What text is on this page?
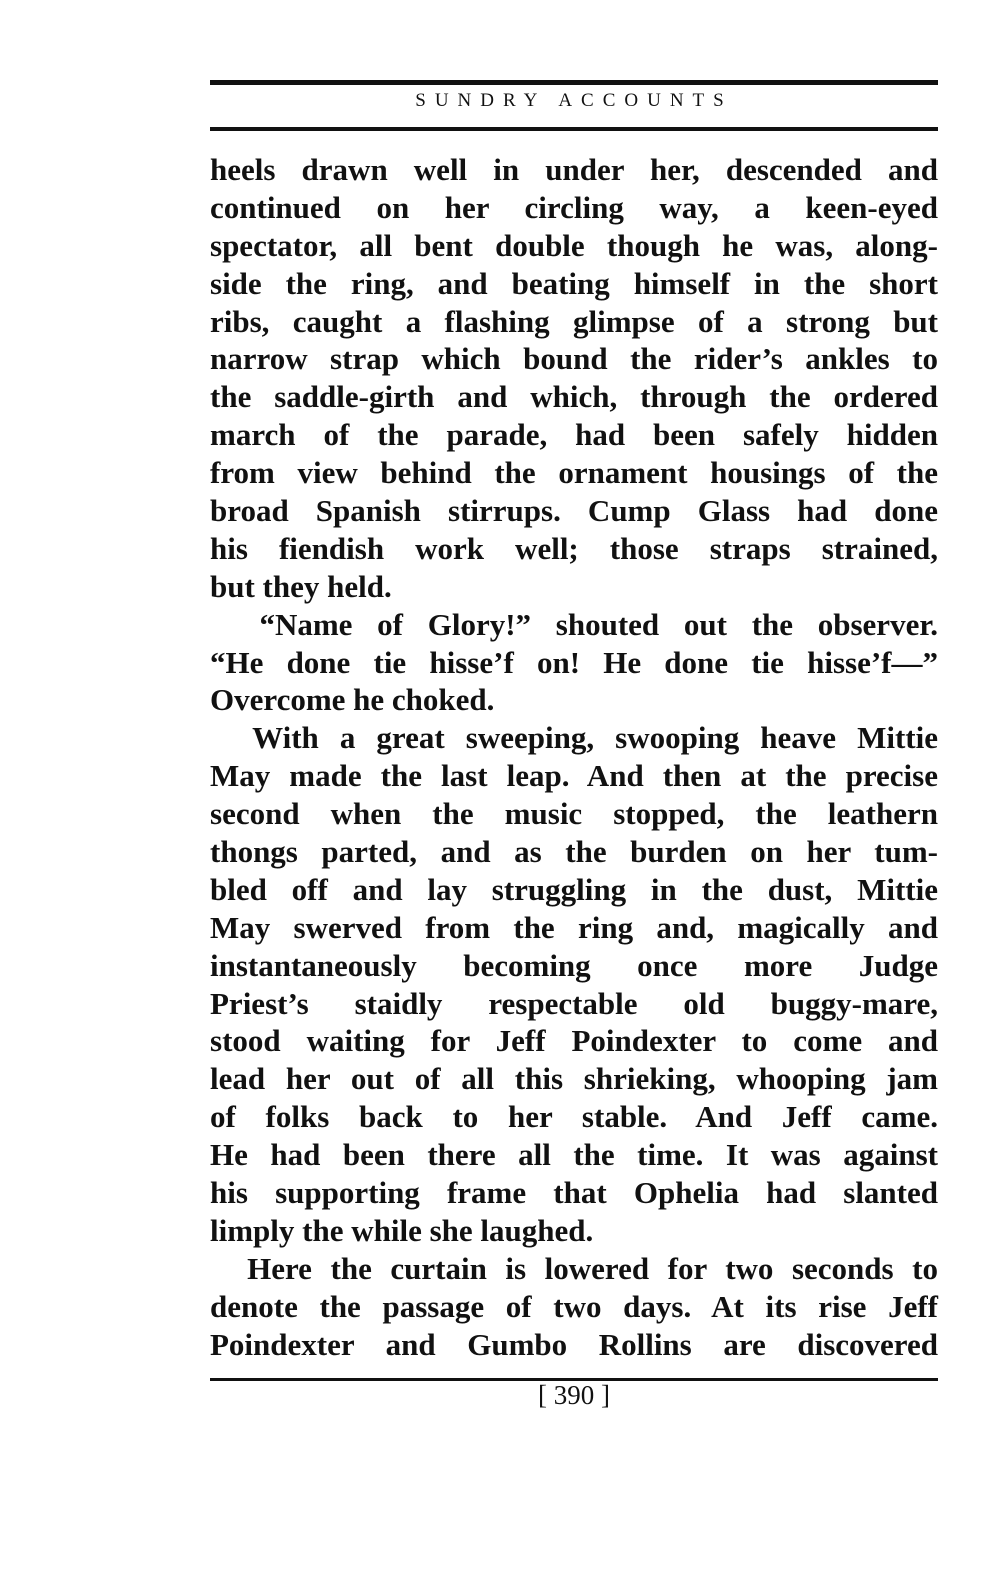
SUNDRY ACCOUNTS
heels drawn well in under her, descended and
continued on her circling way, a keen-eyed
spectator, all bent double though he was, along-
side the ring, and beating himself in the short
ribs, caught a flashing glimpse of a strong but
narrow strap which bound the rider’s ankles to
the saddle-girth and which, through the ordered
march of the parade, had been safely hidden
from view behind the ornament housings of the
broad Spanish stirrups. Cump Glass had done
his fiendish work well; those straps strained,
but they held.
“Name of Glory!” shouted out the observer.
“He done tie hisse’f on! He done tie hisse’f—”
Overcome he choked.
With a great sweeping, swooping heave Mittie
May made the last leap. And then at the precise
second when the music stopped, the leathern
thongs parted, and as the burden on her tum-
bled off and lay struggling in the dust, Mittie
May swerved from the ring and, magically and
instantaneously becoming once more Judge
Priest’s staidly respectable old buggy-mare,
stood waiting for Jeff Poindexter to come and
lead her out of all this shrieking, whooping jam
of folks back to her stable. And Jeff came.
He had been there all the time. It was against
his supporting frame that Ophelia had slanted
limply the while she laughed.
Here the curtain is lowered for two seconds to
denote the passage of two days. At its rise Jeff
Poindexter and Gumbo Rollins are discovered
[ 390 ]
